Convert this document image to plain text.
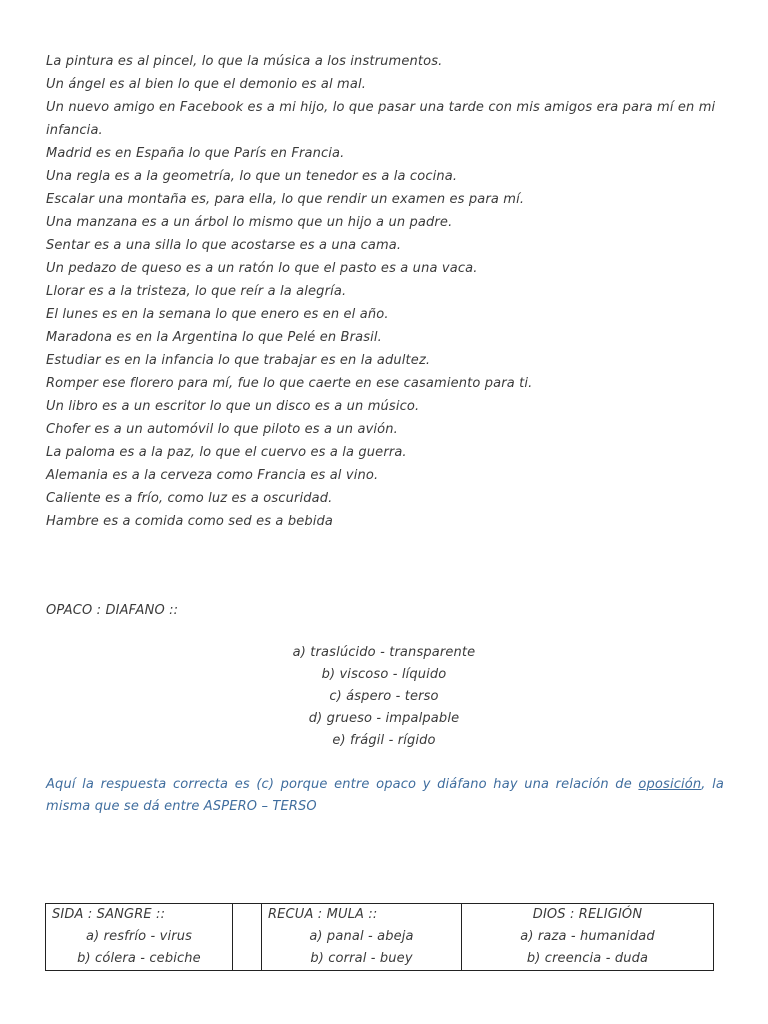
La pintura es al pincel, lo que la música a los instrumentos.
Un ángel es al bien lo que el demonio es al mal.
Un nuevo amigo en Facebook es a mi hijo, lo que pasar una tarde con mis amigos era para mí en mi infancia.
Madrid es en España lo que París en Francia.
Una regla es a la geometría, lo que un tenedor es a la cocina.
Escalar una montaña es, para ella, lo que rendir un examen es para mí.
Una manzana es a un árbol lo mismo que un hijo a un padre.
Sentar es a una silla lo que acostarse es a una cama.
Un pedazo de queso es a un ratón lo que el pasto es a una vaca.
Llorar es a la tristeza, lo que reír a la alegría.
El lunes es en la semana lo que enero es en el año.
Maradona es en la Argentina lo que Pelé en Brasil.
Estudiar es en la infancia lo que trabajar es en la adultez.
Romper ese florero para mí, fue lo que caerte en ese casamiento para ti.
Un libro es a un escritor lo que un disco es a un músico.
Chofer es a un automóvil lo que piloto es a un avión.
La paloma es a la paz, lo que el cuervo es a la guerra.
Alemania es a la cerveza como Francia es al vino.
Caliente es a frío, como luz es a oscuridad.
Hambre es a comida como sed es a bebida
OPACO : DIAFANO ::
a) traslúcido - transparente
b) viscoso - líquido
c) áspero - terso
d) grueso - impalpable
e) frágil - rígido
Aquí la respuesta correcta es (c) porque entre opaco y diáfano hay una relación de oposición, la misma que se dá entre ASPERO – TERSO
SIDA : SANGRE ::
a) resfrío - virus
b) cólera - cebiche

RECUA : MULA ::
a) panal - abeja
b) corral - buey

DIOS : RELIGIÓN
a) raza - humanidad
b) creencia - duda
